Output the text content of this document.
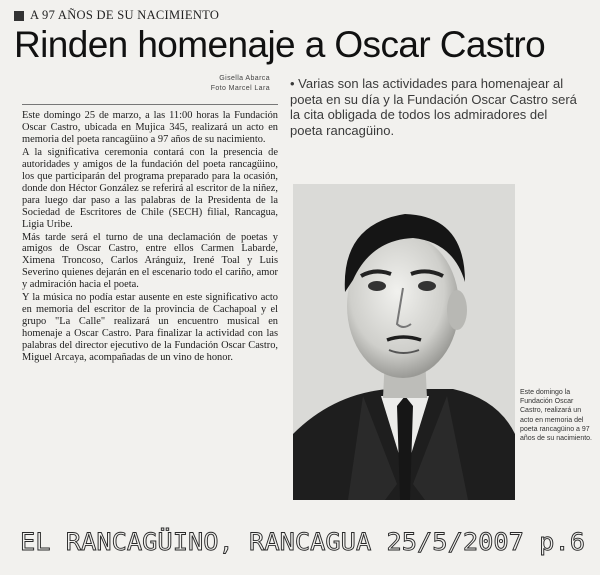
A 97 AÑOS DE SU NACIMIENTO
Rinden homenaje a Oscar Castro
Gisella Abarca
Foto Marcel Lara

Este domingo 25 de marzo, a las 11:00 horas la Fundación Oscar Castro, ubicada en Mujica 345, realizará un acto en memoria del poeta rancagüino a 97 años de su nacimiento.

A la significativa ceremonia contará con la presencia de autoridades y amigos de la fundación del poeta rancagüino, los que participarán del programa preparado para la ocasión, donde don Héctor González se referirá al escritor de la niñez, para luego dar paso a las palabras de la Presidenta de la Sociedad de Escritores de Chile (SECH) filial, Rancagua, Ligia Uribe.

Más tarde será el turno de una declamación de poetas y amigos de Oscar Castro, entre ellos Carmen Labarde, Ximena Troncoso, Carlos Aránguiz, Irené Toal y Luis Severino quienes dejarán en el escenario todo el cariño, amor y admiración hacia el poeta.

Y la música no podía estar ausente en este significativo acto en memoria del escritor de la provincia de Cachapoal y el grupo "La Calle" realizará un encuentro musical en homenaje a Oscar Castro. Para finalizar la actividad con las palabras del director ejecutivo de la Fundación Oscar Castro, Miguel Arcaya, acompañadas de un vino de honor.

• Varias son las actividades para homenajear al poeta en su día y la Fundación Oscar Castro será la cita obligada de todos los admiradores del poeta rancagüino.
Este domingo la Fundación Oscar Castro, realizará un acto en memoria del poeta rancagüino a 97 años de su nacimiento.
EL RANCAGÜINO, RANCAGUA 25/5/2007 p.6
